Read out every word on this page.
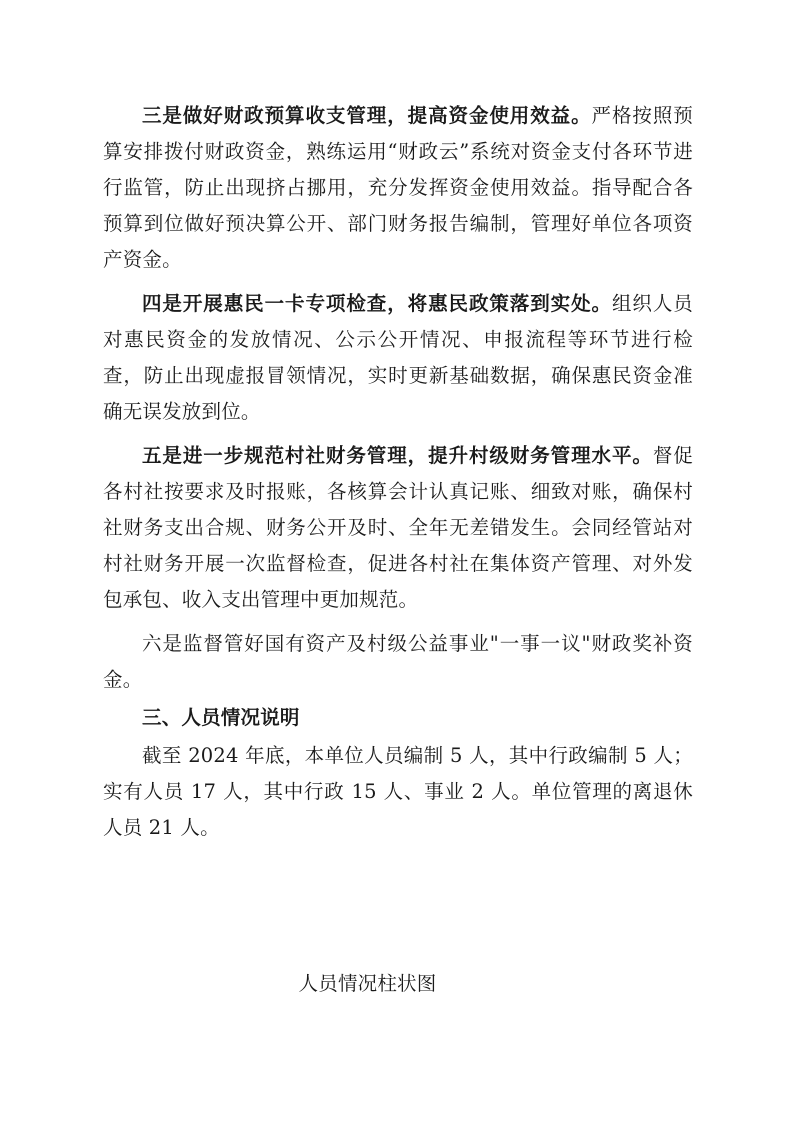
三是做好财政预算收支管理，提高资金使用效益。严格按照预算安排拨付财政资金，熟练运用“财政云”系统对资金支付各环节进行监管，防止出现挤占挪用，充分发挥资金使用效益。指导配合各预算到位做好预决算公开、部门财务报告编制，管理好单位各项资产资金。

四是开展惠民一卡专项检查，将惠民政策落到实处。组织人员对惠民资金的发放情况、公示公开情况、申报流程等环节进行检查，防止出现虚报冒领情况，实时更新基础数据，确保惠民资金准确无误发放到位。

五是进一步规范村社财务管理，提升村级财务管理水平。督促各村社按要求及时报账，各核算会计认真记账、细致对账，确保村社财务支出合规、财务公开及时、全年无差错发生。会同经管站对村社财务开展一次监督检查，促进各村社在集体资产管理、对外发包承包、收入支出管理中更加规范。

六是监督管好国有资产及村级公益事业"一事一议"财政奖补资金。

三、人员情况说明

截至 2024 年底，本单位人员编制 5 人，其中行政编制 5 人；实有人员 17 人，其中行政 15 人、事业 2 人。单位管理的离退休人员 21 人。

人员情况柱状图
